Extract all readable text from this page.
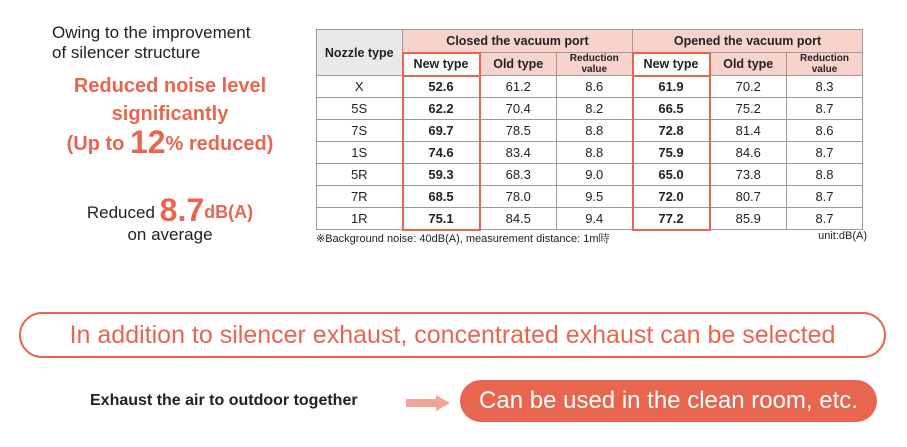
Owing to the improvement
of silencer structure
Reduced noise level
significantly
(Up to 12% reduced)
Reduced 8.7dB(A)
on average
Nozzle type	Closed the vacuum port			Opened the vacuum port		
	New type	Old type	Reduction value	New type	Old type	Reduction value
X	52.6	61.2	8.6	61.9	70.2	8.3
5S	62.2	70.4	8.2	66.5	75.2	8.7
7S	69.7	78.5	8.8	72.8	81.4	8.6
1S	74.6	83.4	8.8	75.9	84.6	8.7
5R	59.3	68.3	9.0	65.0	73.8	8.8
7R	68.5	78.0	9.5	72.0	80.7	8.7
1R	75.1	84.5	9.4	77.2	85.9	8.7
※Background noise: 40dB(A), measurement distance: 1m時	unit:dB(A)
In addition to silencer exhaust, concentrated exhaust can be selected
Exhaust the air to outdoor together	Can be used in the clean room, etc.
